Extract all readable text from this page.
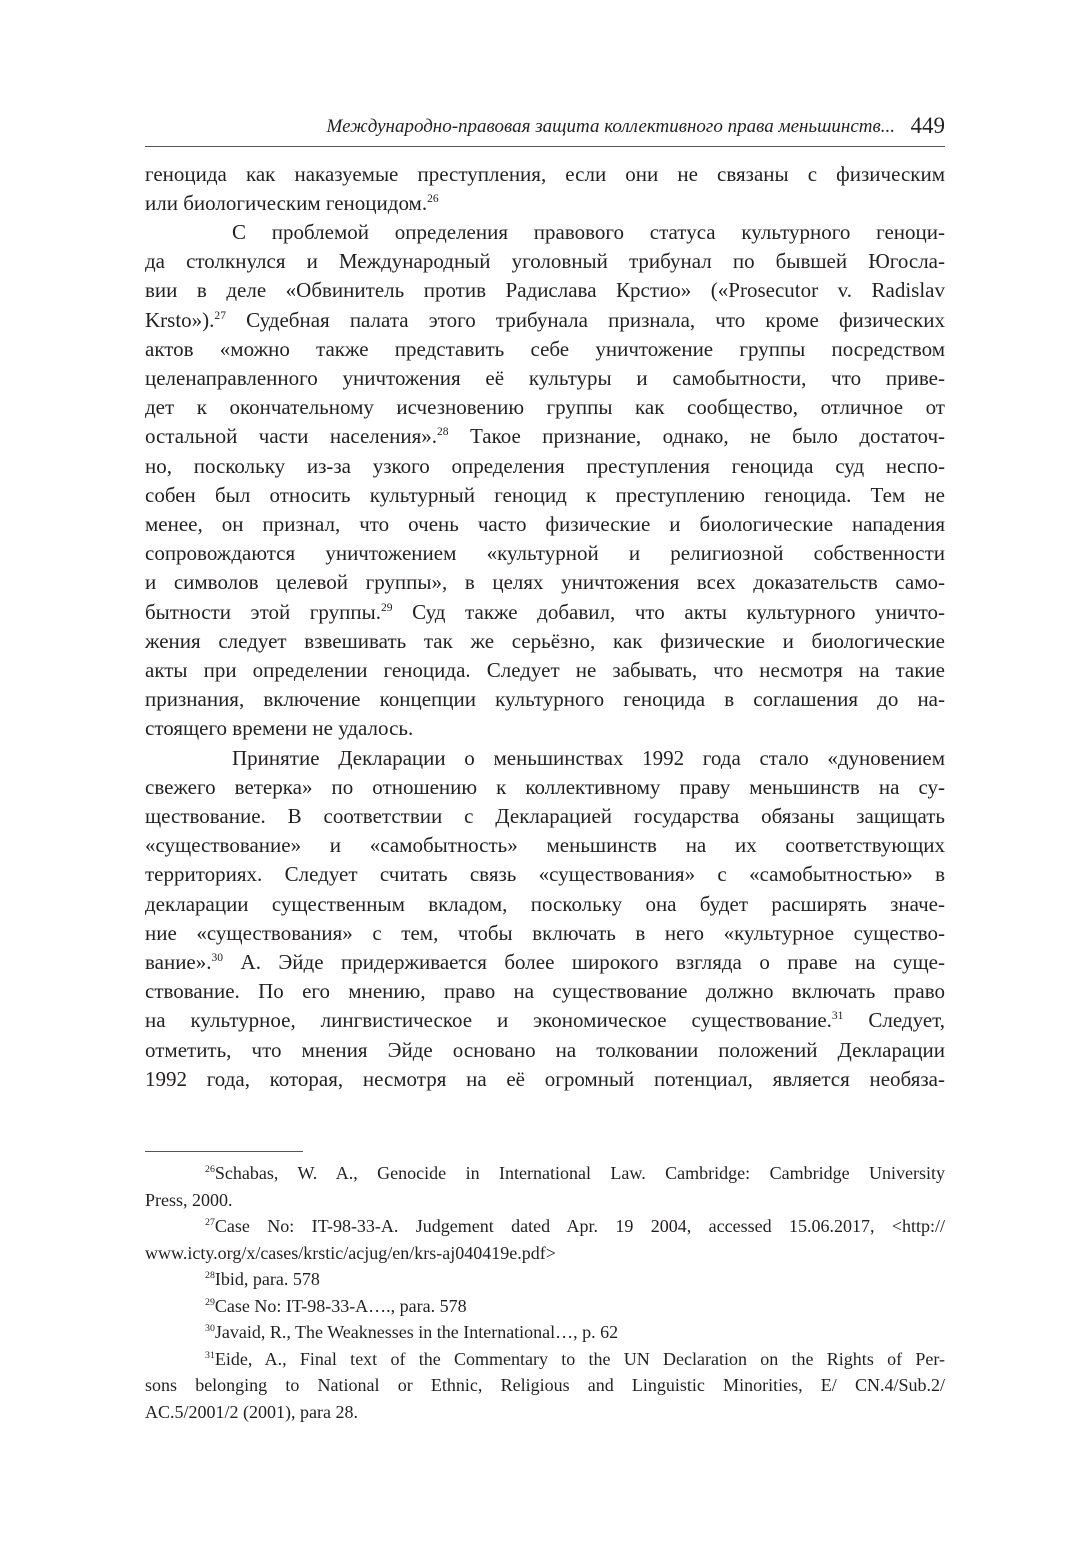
Международно-правовая защита коллективного права меньшинств... 449
геноцида как наказуемые преступления, если они не связаны с физическим
или биологическим геноцидом.$^{26}$
С проблемой определения правового статуса культурного геноци-
да столкнулся и Международный уголовный трибунал по бывшей Югосла-
вии в деле «Обвинитель против Радислава Крстио» («Prosecutor v. Radislav
Krsto»).$^{27}$ Судебная палата этого трибунала признала, что кроме физических
актов «можно также представить себе уничтожение группы посредством
целенаправленного уничтожения её культуры и самобытности, что приве-
дет к окончательному исчезновению группы как сообщество, отличное от
остальной части населения».$^{28}$ Такое признание, однако, не было достаточ-
но, поскольку из-за узкого определения преступления геноцида суд неспо-
собен был относить культурный геноцид к преступлению геноцида. Тем не
менее, он признал, что очень часто физические и биологические нападения
сопровождаются уничтожением «культурной и религиозной собственности
и символов целевой группы», в целях уничтожения всех доказательств само-
бытности этой группы.$^{29}$ Суд также добавил, что акты культурного уничто-
жения следует взвешивать так же серьёзно, как физические и биологические
акты при определении геноцида. Следует не забывать, что несмотря на такие
признания, включение концепции культурного геноцида в соглашения до на-
стоящего времени не удалось.
Принятие Декларации о меньшинствах 1992 года стало «дуновением
свежего ветерка» по отношению к коллективному праву меньшинств на су-
ществование. В соответствии с Декларацией государства обязаны защищать
«существование» и «самобытность» меньшинств на их соответствующих
территориях. Следует считать связь «существования» с «самобытностью» в
декларации существенным вкладом, поскольку она будет расширять значе-
ние «существования» с тем, чтобы включать в него «культурное существо-
вание».$^{30}$ А. Эйде придерживается более широкого взгляда о праве на суще-
ствование. По его мнению, право на существование должно включать право
на культурное, лингвистическое и экономическое существование.$^{31}$ Следует,
отметить, что мнения Эйде основано на толковании положений Декларации
1992 года, которая, несмотря на её огромный потенциал, является необяза-
$^{26}$Schabas, W. A., Genocide in International Law. Cambridge: Cambridge University
Press, 2000.
$^{27}$Case No: IT-98-33-A. Judgement dated Apr. 19 2004, accessed 15.06.2017, <http://
www.icty.org/x/cases/krstic/acjug/en/krs-aj040419e.pdf>
$^{28}$Ibid, para. 578
$^{29}$Case No: IT-98-33-A…., para. 578
$^{30}$Javaid, R., The Weaknesses in the International…, p. 62
$^{31}$Eide, A., Final text of the Commentary to the UN Declaration on the Rights of Per-
sons belonging to National or Ethnic, Religious and Linguistic Minorities, E/ CN.4/Sub.2/
AC.5/2001/2 (2001), para 28.
